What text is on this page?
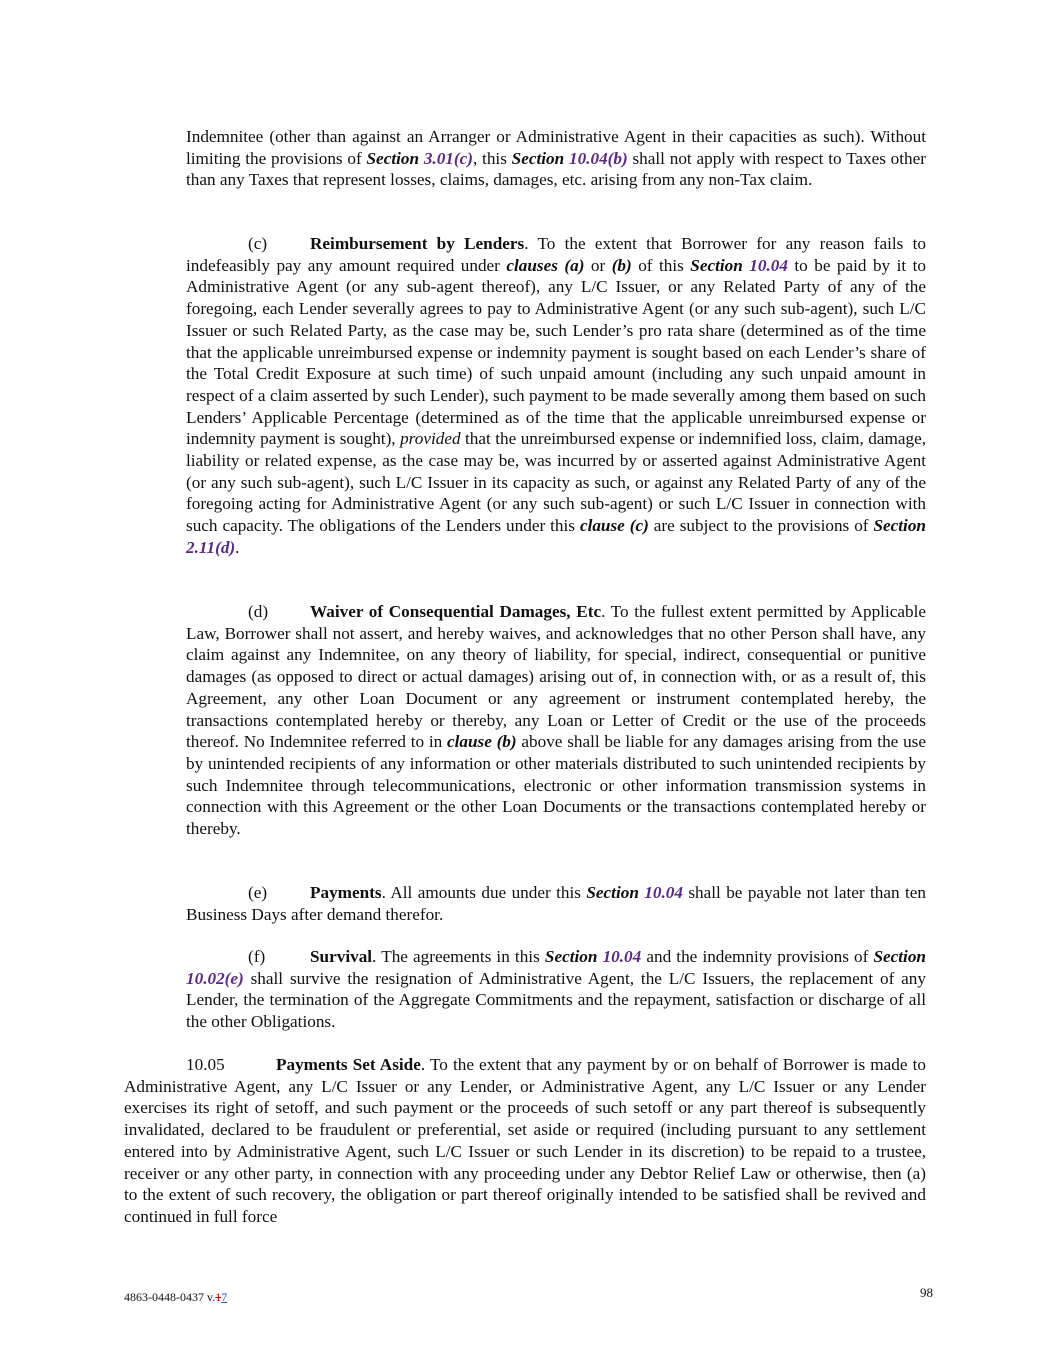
Indemnitee (other than against an Arranger or Administrative Agent in their capacities as such). Without limiting the provisions of Section 3.01(c), this Section 10.04(b) shall not apply with respect to Taxes other than any Taxes that represent losses, claims, damages, etc. arising from any non-Tax claim.
(c) Reimbursement by Lenders. To the extent that Borrower for any reason fails to indefeasibly pay any amount required under clauses (a) or (b) of this Section 10.04 to be paid by it to Administrative Agent (or any sub-agent thereof), any L/C Issuer, or any Related Party of any of the foregoing, each Lender severally agrees to pay to Administrative Agent (or any such sub-agent), such L/C Issuer or such Related Party, as the case may be, such Lender’s pro rata share (determined as of the time that the applicable unreimbursed expense or indemnity payment is sought based on each Lender’s share of the Total Credit Exposure at such time) of such unpaid amount (including any such unpaid amount in respect of a claim asserted by such Lender), such payment to be made severally among them based on such Lenders’ Applicable Percentage (determined as of the time that the applicable unreimbursed expense or indemnity payment is sought), provided that the unreimbursed expense or indemnified loss, claim, damage, liability or related expense, as the case may be, was incurred by or asserted against Administrative Agent (or any such sub-agent), such L/C Issuer in its capacity as such, or against any Related Party of any of the foregoing acting for Administrative Agent (or any such sub-agent) or such L/C Issuer in connection with such capacity. The obligations of the Lenders under this clause (c) are subject to the provisions of Section 2.11(d).
(d) Waiver of Consequential Damages, Etc. To the fullest extent permitted by Applicable Law, Borrower shall not assert, and hereby waives, and acknowledges that no other Person shall have, any claim against any Indemnitee, on any theory of liability, for special, indirect, consequential or punitive damages (as opposed to direct or actual damages) arising out of, in connection with, or as a result of, this Agreement, any other Loan Document or any agreement or instrument contemplated hereby, the transactions contemplated hereby or thereby, any Loan or Letter of Credit or the use of the proceeds thereof. No Indemnitee referred to in clause (b) above shall be liable for any damages arising from the use by unintended recipients of any information or other materials distributed to such unintended recipients by such Indemnitee through telecommunications, electronic or other information transmission systems in connection with this Agreement or the other Loan Documents or the transactions contemplated hereby or thereby.
(e) Payments. All amounts due under this Section 10.04 shall be payable not later than ten Business Days after demand therefor.
(f)	Survival. The agreements in this Section 10.04 and the indemnity provisions of Section 10.02(e) shall survive the resignation of Administrative Agent, the L/C Issuers, the replacement of any Lender, the termination of the Aggregate Commitments and the repayment, satisfaction or discharge of all the other Obligations.
10.05	Payments Set Aside. To the extent that any payment by or on behalf of Borrower is made to Administrative Agent, any L/C Issuer or any Lender, or Administrative Agent, any L/C Issuer or any Lender exercises its right of setoff, and such payment or the proceeds of such setoff or any part thereof is subsequently invalidated, declared to be fraudulent or preferential, set aside or required (including pursuant to any settlement entered into by Administrative Agent, such L/C Issuer or such Lender in its discretion) to be repaid to a trustee, receiver or any other party, in connection with any proceeding under any Debtor Relief Law or otherwise, then (a) to the extent of such recovery, the obligation or part thereof originally intended to be satisfied shall be revived and continued in full force
4863-0448-0437 v.17	98
